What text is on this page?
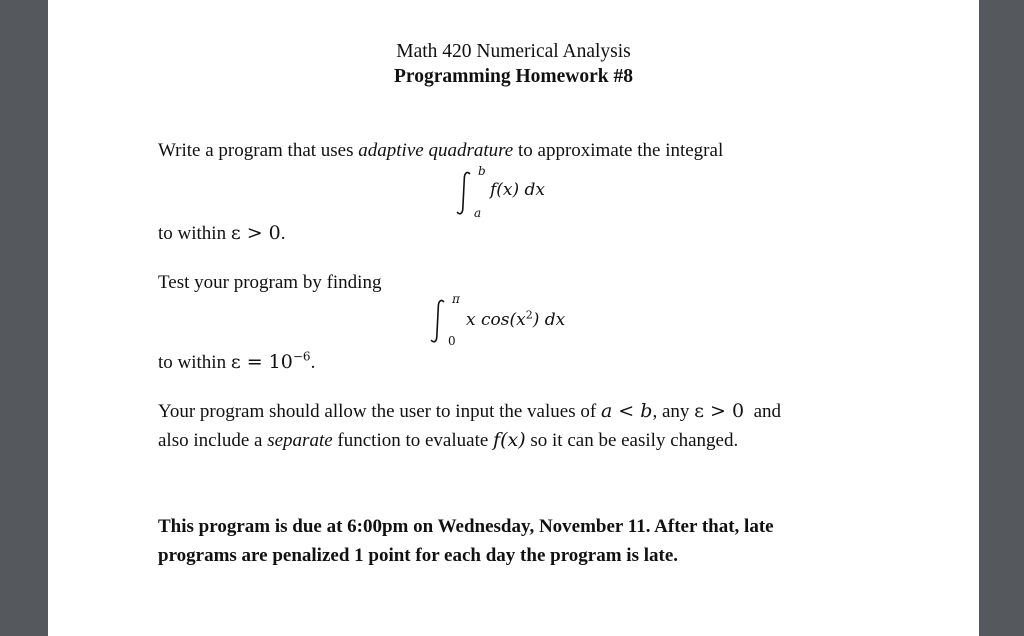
Math 420 Numerical Analysis
Programming Homework #8
Write a program that uses adaptive quadrature to approximate the integral
b
a
f(x) dx
to within ε > 0.
Test your program by finding
π
0
x $\cos(x^2)$ dx
to within $\varepsilon = 10^{-6}$.
Your program should allow the user to input the values of a < b, any ε > 0  and
also include a separate function to evaluate f(x) so it can be easily changed.
This program is due at 6:00pm on Wednesday, November 11. After that, late
programs are penalized 1 point for each day the program is late.
